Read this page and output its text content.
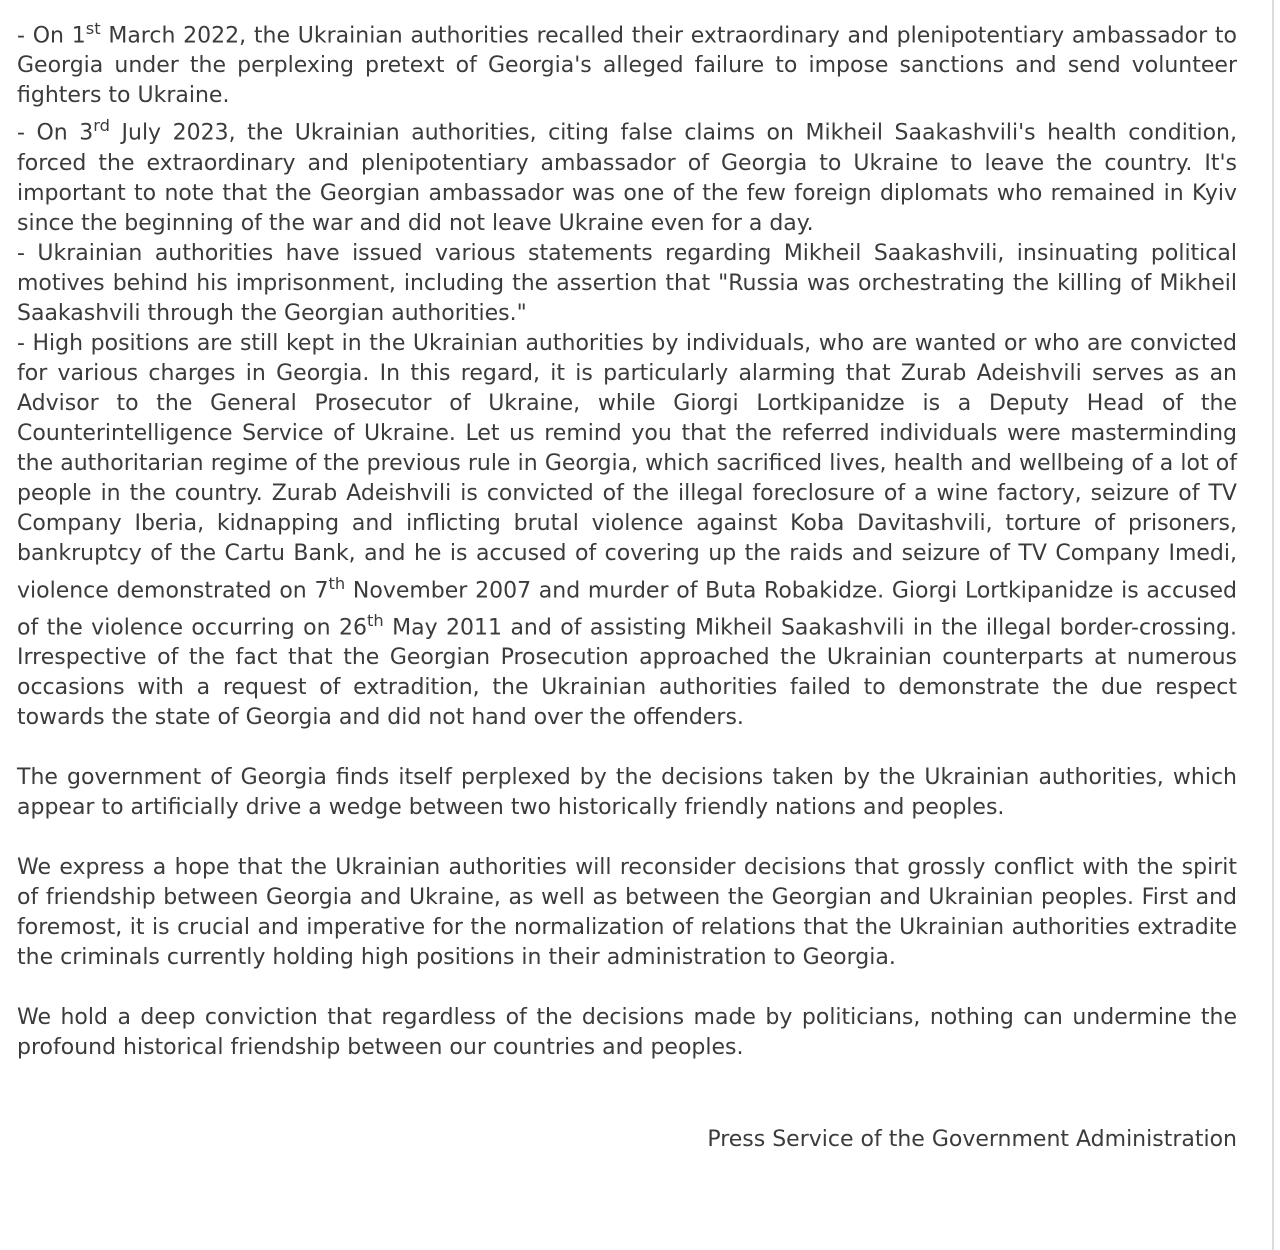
- On 1st March 2022, the Ukrainian authorities recalled their extraordinary and plenipotentiary ambassador to Georgia under the perplexing pretext of Georgia's alleged failure to impose sanctions and send volunteer fighters to Ukraine.

- On 3rd July 2023, the Ukrainian authorities, citing false claims on Mikheil Saakashvili's health condition, forced the extraordinary and plenipotentiary ambassador of Georgia to Ukraine to leave the country. It's important to note that the Georgian ambassador was one of the few foreign diplomats who remained in Kyiv since the beginning of the war and did not leave Ukraine even for a day.

- Ukrainian authorities have issued various statements regarding Mikheil Saakashvili, insinuating political motives behind his imprisonment, including the assertion that "Russia was orchestrating the killing of Mikheil Saakashvili through the Georgian authorities."

- High positions are still kept in the Ukrainian authorities by individuals, who are wanted or who are convicted for various charges in Georgia. In this regard, it is particularly alarming that Zurab Adeishvili serves as an Advisor to the General Prosecutor of Ukraine, while Giorgi Lortkipanidze is a Deputy Head of the Counterintelligence Service of Ukraine. Let us remind you that the referred individuals were masterminding the authoritarian regime of the previous rule in Georgia, which sacrificed lives, health and wellbeing of a lot of people in the country. Zurab Adeishvili is convicted of the illegal foreclosure of a wine factory, seizure of TV Company Iberia, kidnapping and inflicting brutal violence against Koba Davitashvili, torture of prisoners, bankruptcy of the Cartu Bank, and he is accused of covering up the raids and seizure of TV Company Imedi, violence demonstrated on 7th November 2007 and murder of Buta Robakidze. Giorgi Lortkipanidze is accused of the violence occurring on 26th May 2011 and of assisting Mikheil Saakashvili in the illegal border-crossing. Irrespective of the fact that the Georgian Prosecution approached the Ukrainian counterparts at numerous occasions with a request of extradition, the Ukrainian authorities failed to demonstrate the due respect towards the state of Georgia and did not hand over the offenders.

The government of Georgia finds itself perplexed by the decisions taken by the Ukrainian authorities, which appear to artificially drive a wedge between two historically friendly nations and peoples.

We express a hope that the Ukrainian authorities will reconsider decisions that grossly conflict with the spirit of friendship between Georgia and Ukraine, as well as between the Georgian and Ukrainian peoples. First and foremost, it is crucial and imperative for the normalization of relations that the Ukrainian authorities extradite the criminals currently holding high positions in their administration to Georgia.

We hold a deep conviction that regardless of the decisions made by politicians, nothing can undermine the profound historical friendship between our countries and peoples.

Press Service of the Government Administration
